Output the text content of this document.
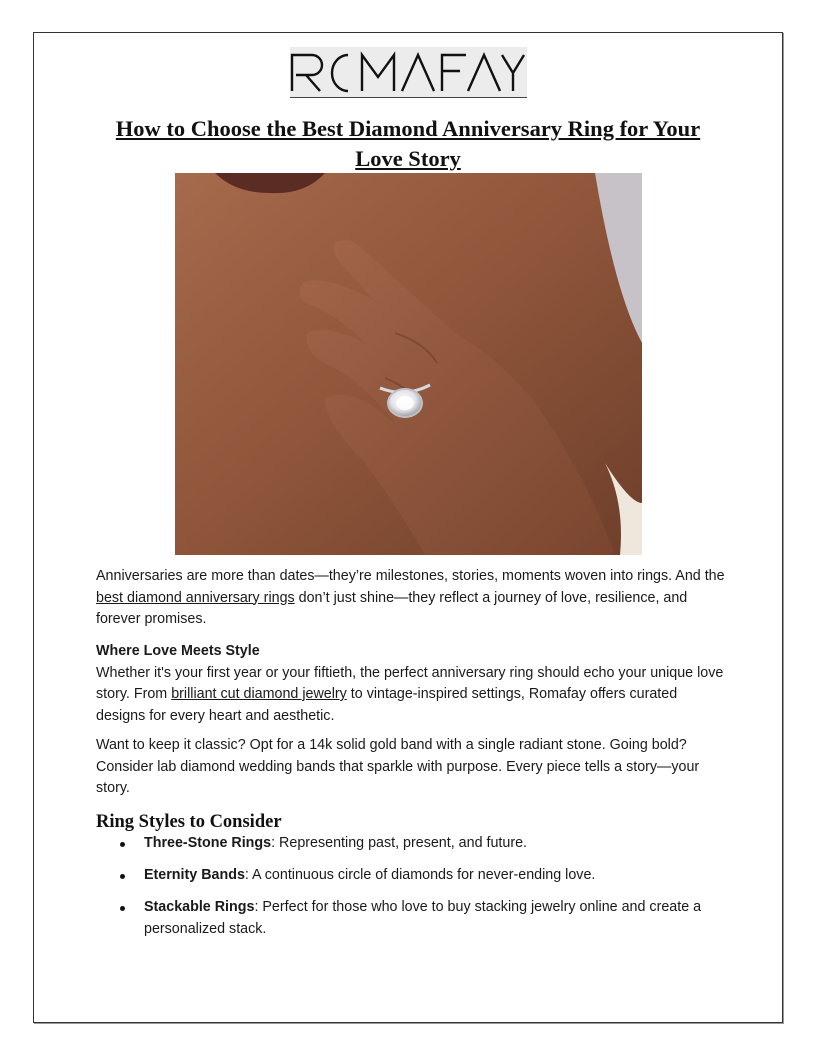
How to Choose the Best Diamond Anniversary Ring for Your Love Story

Anniversaries are more than dates—they’re milestones, stories, moments woven into rings. And the best diamond anniversary rings don’t just shine—they reflect a journey of love, resilience, and forever promises.

Where Love Meets Style
Whether it's your first year or your fiftieth, the perfect anniversary ring should echo your unique love story. From brilliant cut diamond jewelry to vintage-inspired settings, Romafay offers curated designs for every heart and aesthetic.

Want to keep it classic? Opt for a 14k solid gold band with a single radiant stone. Going bold? Consider lab diamond wedding bands that sparkle with purpose. Every piece tells a story—your story.

Ring Styles to Consider
Three-Stone Rings: Representing past, present, and future.
Eternity Bands: A continuous circle of diamonds for never-ending love.
Stackable Rings: Perfect for those who love to buy stacking jewelry online and create a personalized stack.
